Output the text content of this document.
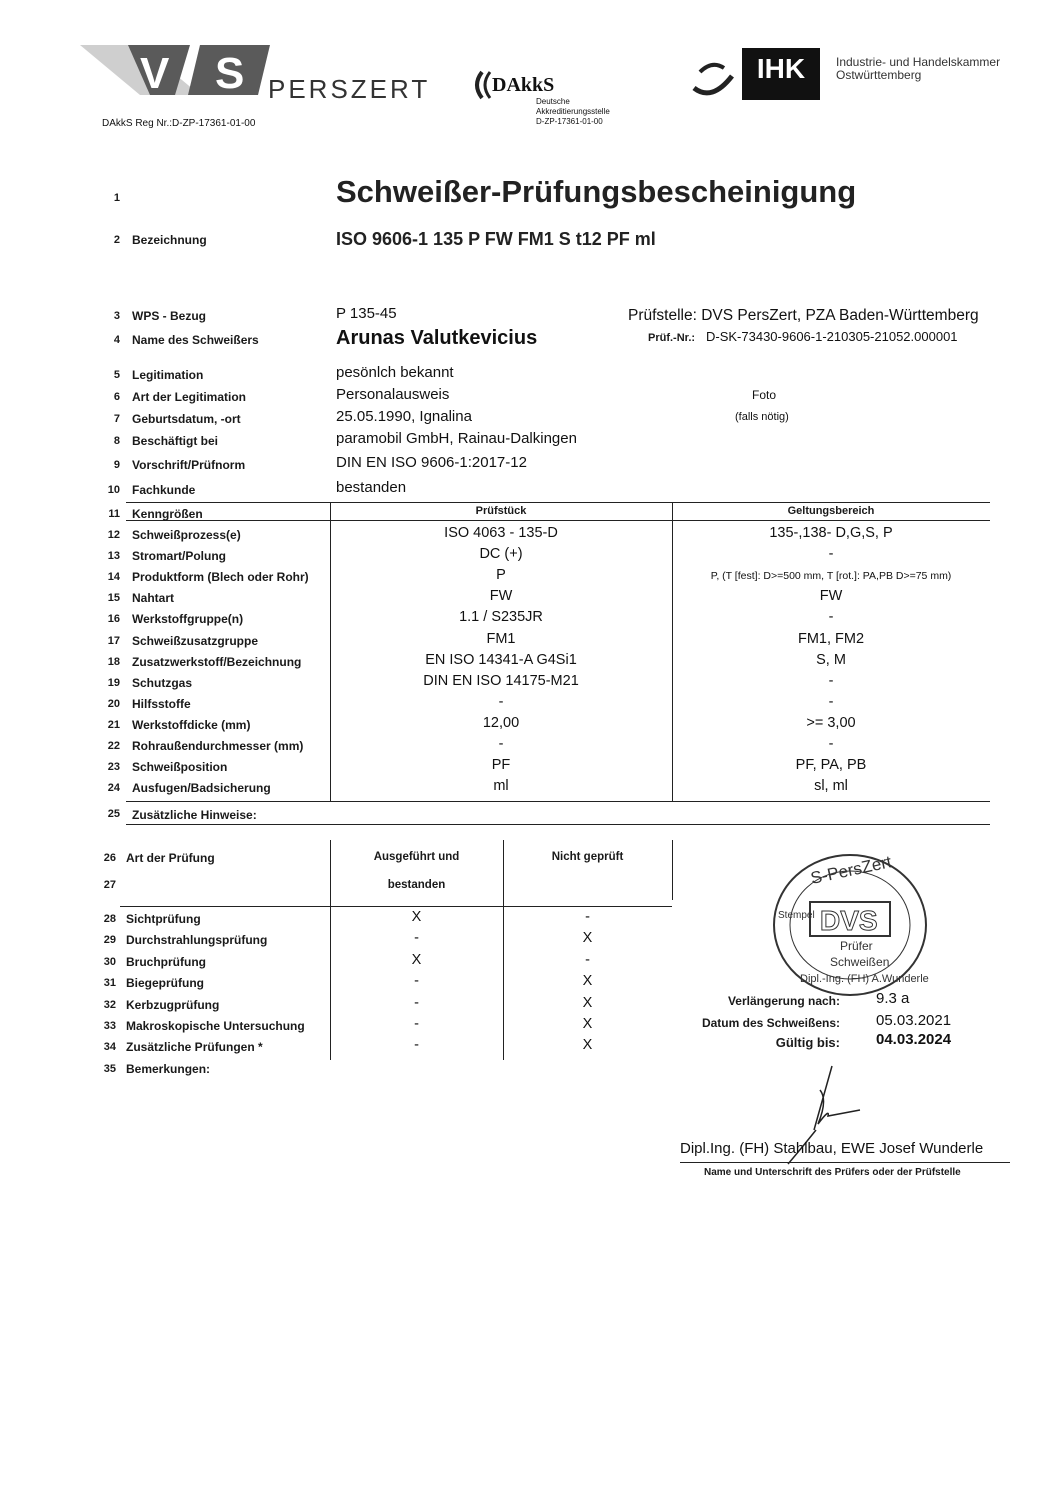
V S PERSZERT
DAkkS Reg Nr.:D-ZP-17361-01-00
DAkkS
Deutsche
Akkreditierungsstelle
D-ZP-17361-01-00
IHK	Industrie- und Handelskammer
Ostwürttemberg
1	Schweißer-Prüfungsbescheinigung
2 Bezeichnung	ISO 9606-1 135 P FW FM1 S t12 PF ml
3 WPS - Bezug	P 135-45
4 Name des Schweißers	Arunas Valutkevicius
5 Legitimation	pesönlch bekannt
6 Art der Legitimation	Personalausweis
7 Geburtsdatum, -ort	25.05.1990, Ignalina
8 Beschäftigt bei	paramobil GmbH, Rainau-Dalkingen
9 Vorschrift/Prüfnorm	DIN EN ISO 9606-1:2017-12
10 Fachkunde	bestanden
Prüfstelle: DVS PersZert, PZA Baden-Württemberg
Prüf.-Nr.: D-SK-73430-9606-1-210305-21052.000001
Foto
(falls nötig)
11 Kenngrößen	Prüfstück	Geltungsbereich
12 Schweißprozess(e)	ISO 4063 - 135-D	135-,138- D,G,S, P
13 Stromart/Polung	DC (+)	-
14 Produktform (Blech oder Rohr)	P	P, (T [fest]: D>=500 mm, T [rot.]: PA,PB D>=75 mm)
15 Nahtart	FW	FW
16 Werkstoffgruppe(n)	1.1 / S235JR	-
17 Schweißzusatzgruppe	FM1	FM1, FM2
18 Zusatzwerkstoff/Bezeichnung	EN ISO 14341-A G4Si1	S, M
19 Schutzgas	DIN EN ISO 14175-M21	-
20 Hilfsstoffe	-	-
21 Werkstoffdicke (mm)	12,00	>= 3,00
22 Rohraußendurchmesser (mm)	-	-
23 Schweißposition	PF	PF, PA, PB
24 Ausfugen/Badsicherung	ml	sl, ml
25 Zusätzliche Hinweise:
26 Art der Prüfung
27
Ausgeführt und
bestanden
Nicht geprüft
28 Sichtprüfung	X	-
29 Durchstrahlungsprüfung	-	X
30 Bruchprüfung	X	-
31 Biegeprüfung	-	X
32 Kerbzugprüfung	-	X
33 Makroskopische Untersuchung	-	X
34 Zusätzliche Prüfungen *	-	X
35 Bemerkungen:
S-PersZert
DVS
Stempel
Prüfer
Schweißen
Dipl.-Ing. (FH) A.Wunderle
Verlängerung nach: 9.3 a
Datum des Schweißens: 05.03.2021
Gültig bis: 04.03.2024
Dipl.Ing. (FH) Stahlbau, EWE Josef Wunderle
Name und Unterschrift des Prüfers oder der Prüfstelle
